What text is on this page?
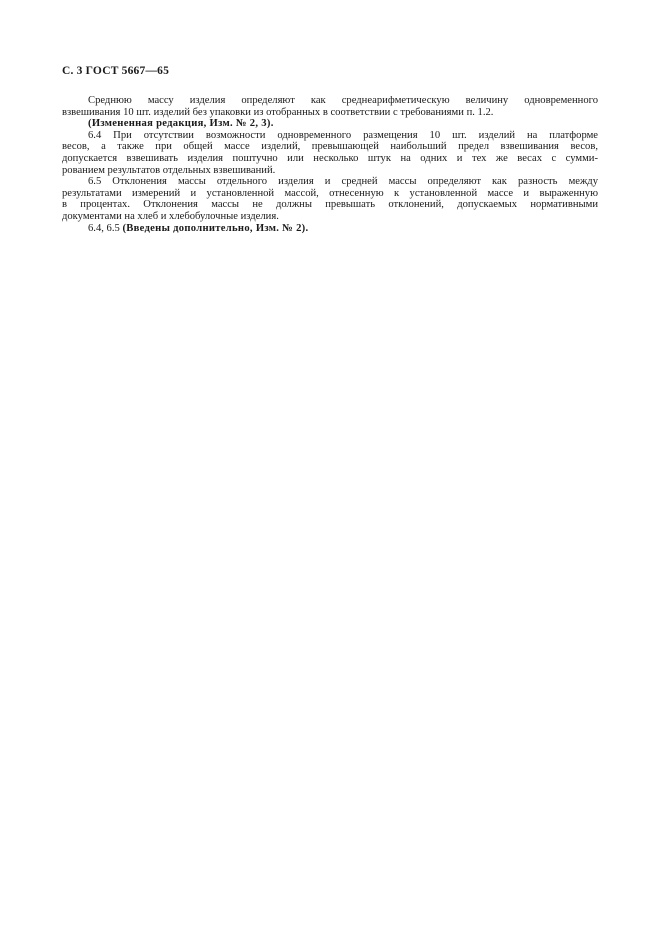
С. 3 ГОСТ 5667—65
Среднюю массу изделия определяют как среднеарифметическую величину одновременного
взвешивания 10 шт. изделий без упаковки из отобранных в соответствии с требованиями п. 1.2.
(Измененная редакция, Изм. № 2, 3).
6.4 При отсутствии возможности одновременного размещения 10 шт. изделий на платформе
весов, а также при общей массе изделий, превышающей наибольший предел взвешивания весов,
допускается взвешивать изделия поштучно или несколько штук на одних и тех же весах с сумми-
рованием результатов отдельных взвешиваний.
6.5 Отклонения массы отдельного изделия и средней массы определяют как разность между
результатами измерений и установленной массой, отнесенную к установленной массе и выраженную
в процентах. Отклонения массы не должны превышать отклонений, допускаемых нормативными
документами на хлеб и хлебобулочные изделия.
6.4, 6.5 (Введены дополнительно, Изм. № 2).
